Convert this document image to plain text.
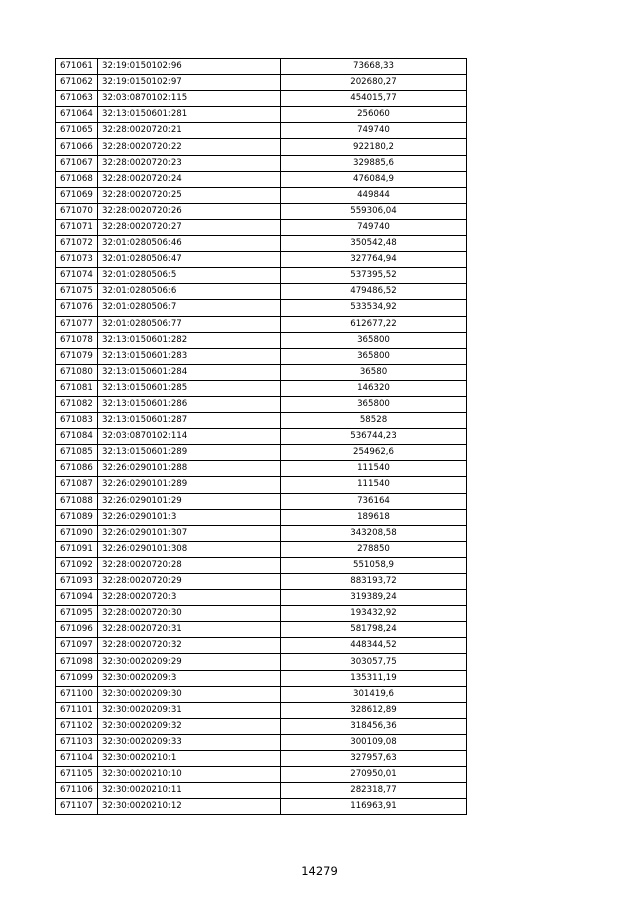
671061	32:19:0150102:96	73668,33
671062	32:19:0150102:97	202680,27
671063	32:03:0870102:115	454015,77
671064	32:13:0150601:281	256060
671065	32:28:0020720:21	749740
671066	32:28:0020720:22	922180,2
671067	32:28:0020720:23	329885,6
671068	32:28:0020720:24	476084,9
671069	32:28:0020720:25	449844
671070	32:28:0020720:26	559306,04
671071	32:28:0020720:27	749740
671072	32:01:0280506:46	350542,48
671073	32:01:0280506:47	327764,94
671074	32:01:0280506:5	537395,52
671075	32:01:0280506:6	479486,52
671076	32:01:0280506:7	533534,92
671077	32:01:0280506:77	612677,22
671078	32:13:0150601:282	365800
671079	32:13:0150601:283	365800
671080	32:13:0150601:284	36580
671081	32:13:0150601:285	146320
671082	32:13:0150601:286	365800
671083	32:13:0150601:287	58528
671084	32:03:0870102:114	536744,23
671085	32:13:0150601:289	254962,6
671086	32:26:0290101:288	111540
671087	32:26:0290101:289	111540
671088	32:26:0290101:29	736164
671089	32:26:0290101:3	189618
671090	32:26:0290101:307	343208,58
671091	32:26:0290101:308	278850
671092	32:28:0020720:28	551058,9
671093	32:28:0020720:29	883193,72
671094	32:28:0020720:3	319389,24
671095	32:28:0020720:30	193432,92
671096	32:28:0020720:31	581798,24
671097	32:28:0020720:32	448344,52
671098	32:30:0020209:29	303057,75
671099	32:30:0020209:3	135311,19
671100	32:30:0020209:30	301419,6
671101	32:30:0020209:31	328612,89
671102	32:30:0020209:32	318456,36
671103	32:30:0020209:33	300109,08
671104	32:30:0020210:1	327957,63
671105	32:30:0020210:10	270950,01
671106	32:30:0020210:11	282318,77
671107	32:30:0020210:12	116963,91
14279
